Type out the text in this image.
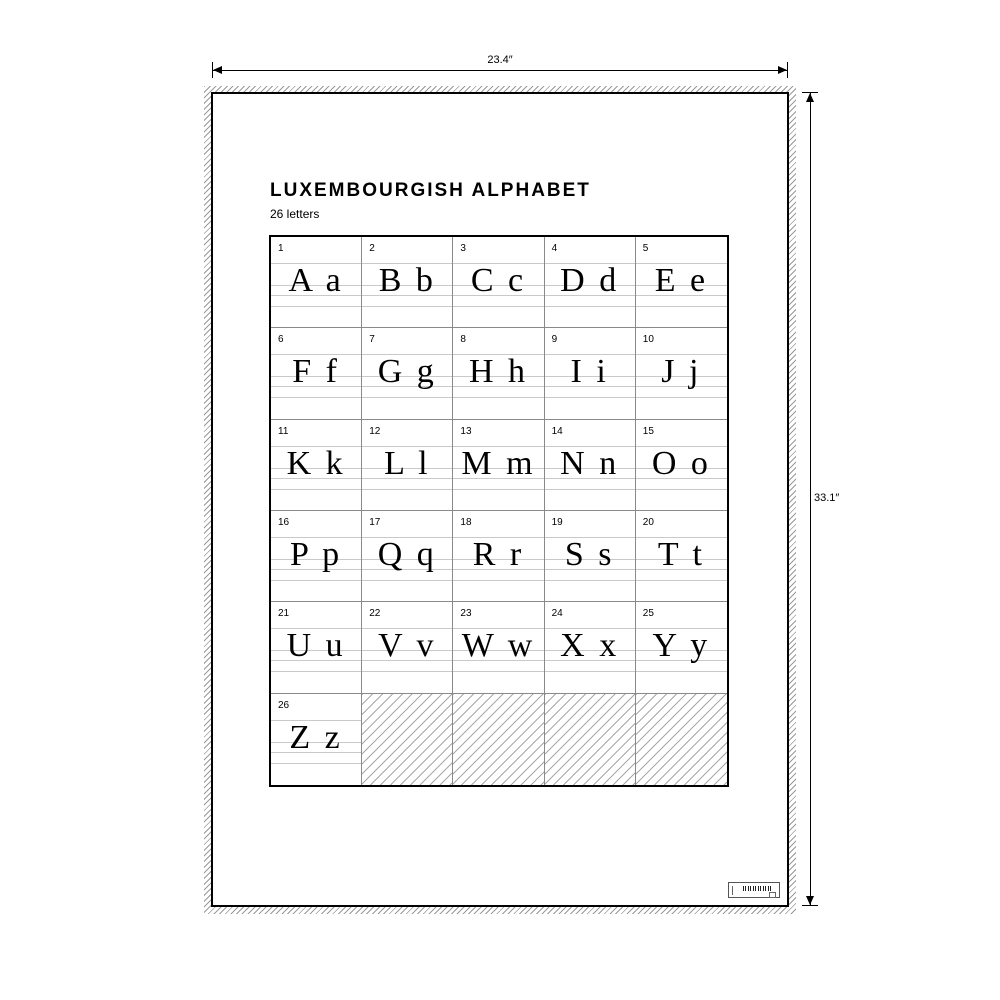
23.4″
33.1″
LUXEMBOURGISH ALPHABET
26 letters
1
A a
2
B b
3
C c
4
D d
5
E e
6
F f
7
G g
8
H h
9
I i
10
J j
11
K k
12
L l
13
M m
14
N n
15
O o
16
P p
17
Q q
18
R r
19
S s
20
T t
21
U u
22
V v
23
W w
24
X x
25
Y y
26
Z z
